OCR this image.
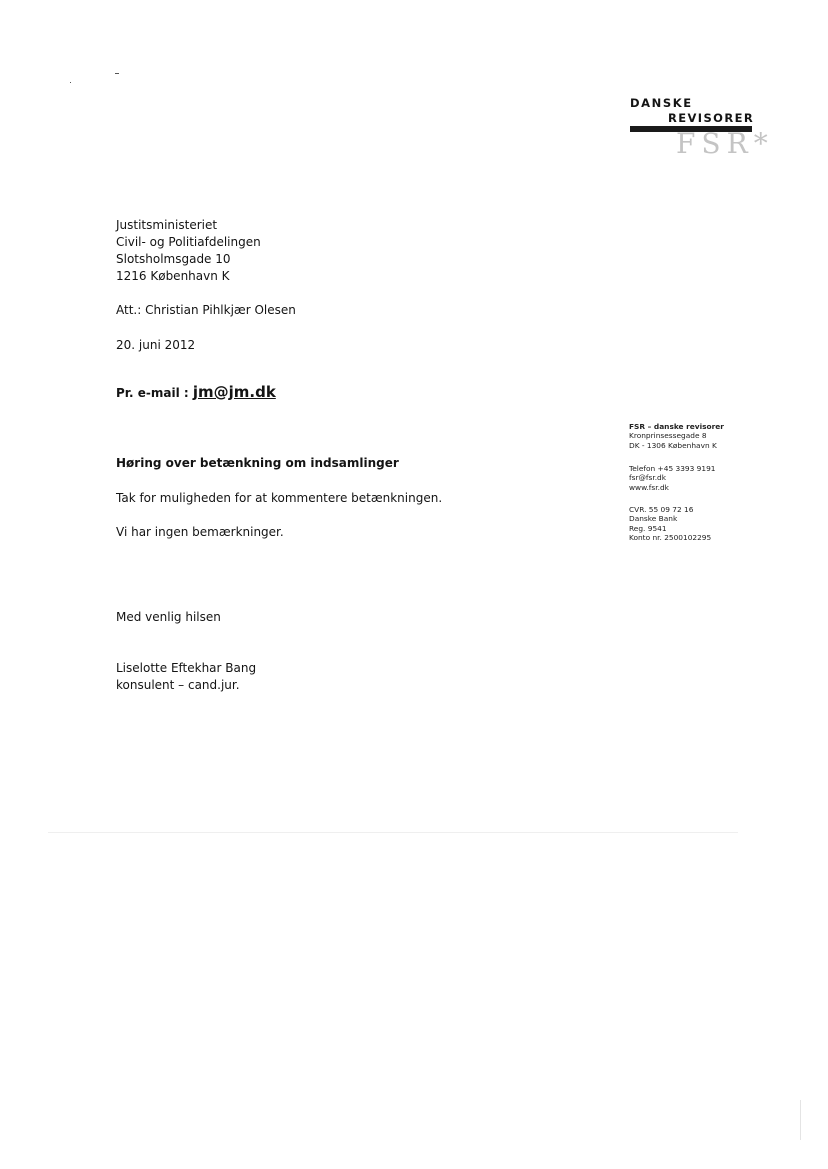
DANSKE
REVISORER
FSR*
Justitsministeriet
Civil- og Politiafdelingen
Slotsholmsgade 10
1216 København K
Att.: Christian Pihlkjær Olesen
20. juni 2012
Pr. e-mail : jm@jm.dk
FSR – danske revisorer
Kronprinsessegade 8
DK - 1306 København K
Telefon +45 3393 9191
fsr@fsr.dk
www.fsr.dk
CVR. 55 09 72 16
Danske Bank
Reg. 9541
Konto nr. 2500102295
Høring over betænkning om indsamlinger
Tak for muligheden for at kommentere betænkningen.
Vi har ingen bemærkninger.
Med venlig hilsen
Liselotte Eftekhar Bang
konsulent – cand.jur.
